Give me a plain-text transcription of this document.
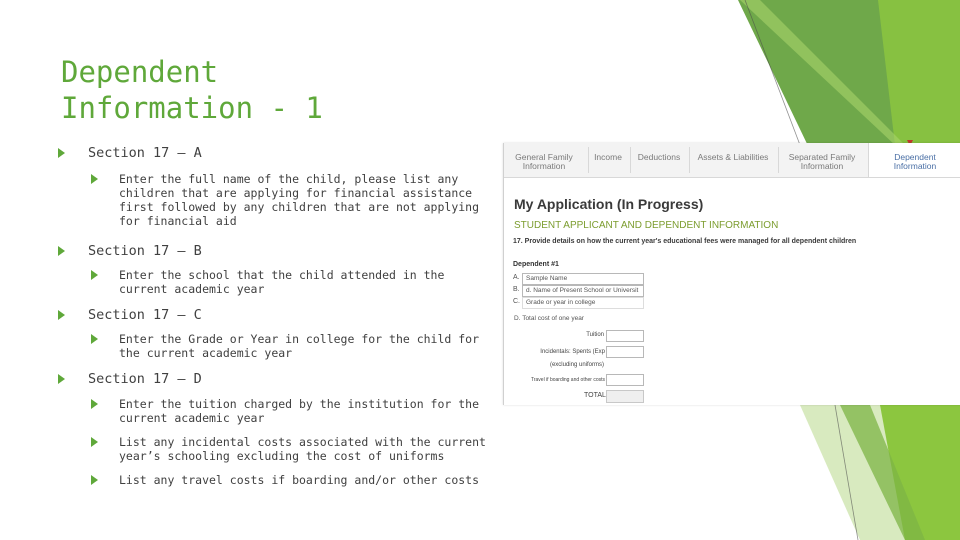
Dependent
Information - 1
Section 17 – A
Enter the full name of the child, please list any children that are applying for financial assistance first followed by any children that are not applying for financial aid
Section 17 – B
Enter the school that the child attended in the current academic year
Section 17 – C
Enter the Grade or Year in college for the child for the current academic year
Section 17 – D
Enter the tuition charged by the institution for the current academic year
List any incidental costs associated with the current year’s schooling excluding the cost of uniforms
List any travel costs if boarding and/or other costs
General Family
Information
Income	Deductions	Assets & Liabilities	Separated Family
Information
Dependent
Information
My Application (In Progress)
STUDENT APPLICANT AND DEPENDENT INFORMATION
17. Provide details on how the current year's educational fees were managed for all dependent children
Dependent #1
A. Sample Name
B. d. Name of Present School or Universit
C. Grade or year in college
D. Total cost of one year
Tuition
Incidentals: Spents (Exp
(excluding uniforms)
Travel if boarding and other costs
TOTAL
